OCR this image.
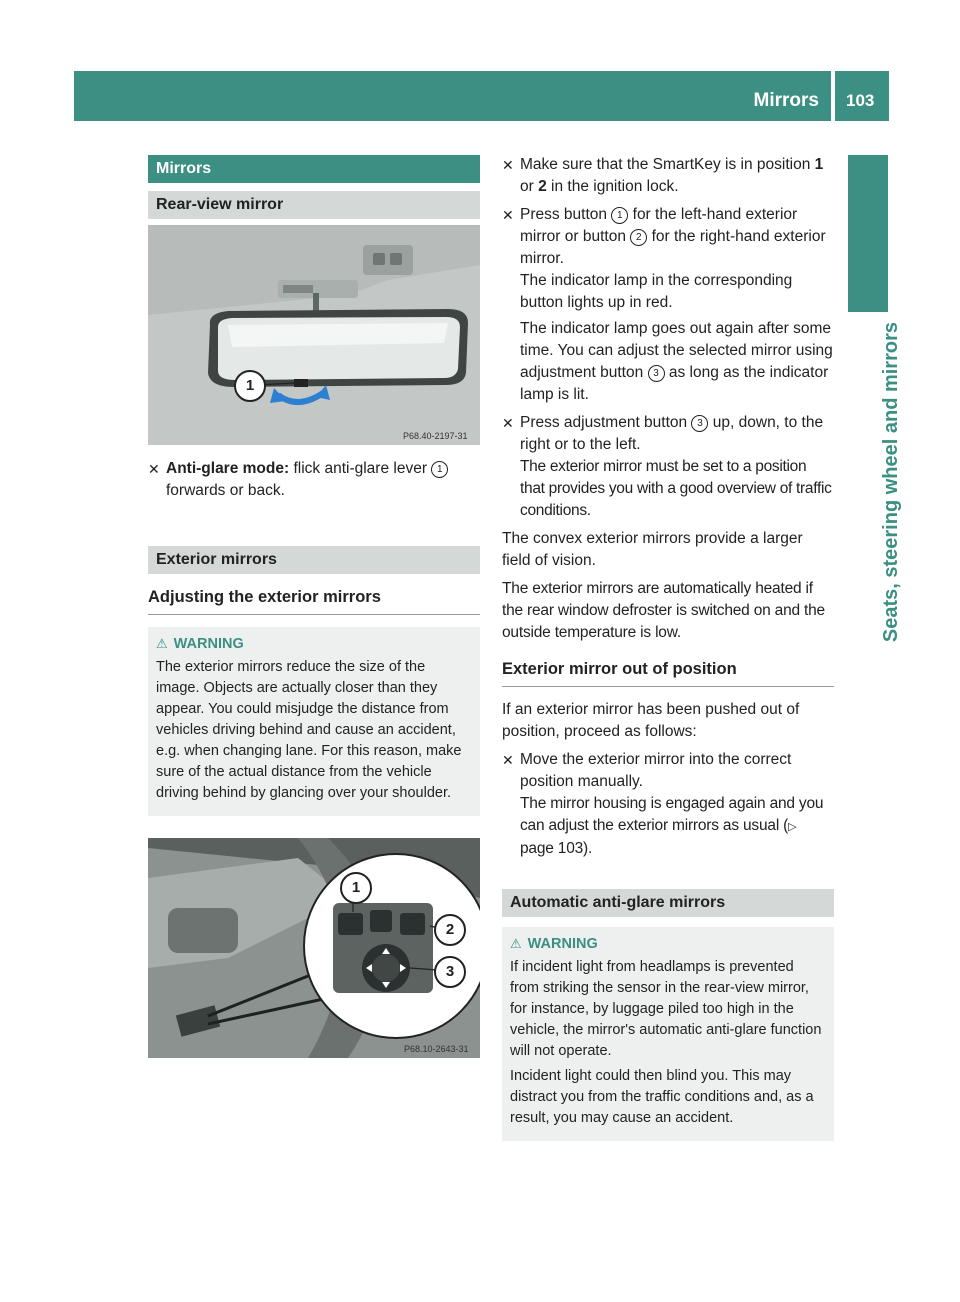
Mirrors 103
Seats, steering wheel and mirrors
Mirrors
Rear-view mirror
1
P68.40-2197-31
✕ Anti-glare mode: flick anti-glare lever 1 forwards or back.

Exterior mirrors
Adjusting the exterior mirrors
⚠ WARNING

The exterior mirrors reduce the size of the image. Objects are actually closer than they appear. You could misjudge the distance from vehicles driving behind and cause an accident, e.g. when changing lane. For this reason, make sure of the actual distance from the vehicle driving behind by glancing over your shoulder.

1
2
3
P68.10-2643-31
✕ Make sure that the SmartKey is in position 1 or 2 in the ignition lock.

✕ Press button 1 for the left-hand exterior mirror or button 2 for the right-hand exterior mirror.

The indicator lamp in the corresponding button lights up in red.

The indicator lamp goes out again after some time. You can adjust the selected mirror using adjustment button 3 as long as the indicator lamp is lit.

✕ Press adjustment button 3 up, down, to the right or to the left.

The exterior mirror must be set to a position that provides you with a good overview of traffic conditions.

The convex exterior mirrors provide a larger field of vision.

The exterior mirrors are automatically heated if the rear window defroster is switched on and the outside temperature is low.

Exterior mirror out of position

If an exterior mirror has been pushed out of position, proceed as follows:

✕ Move the exterior mirror into the correct position manually.

The mirror housing is engaged again and you can adjust the exterior mirrors as usual (▷ page 103).

Automatic anti-glare mirrors
⚠ WARNING

If incident light from headlamps is prevented from striking the sensor in the rear-view mirror, for instance, by luggage piled too high in the vehicle, the mirror's automatic anti-glare function will not operate.

Incident light could then blind you. This may distract you from the traffic conditions and, as a result, you may cause an accident.
